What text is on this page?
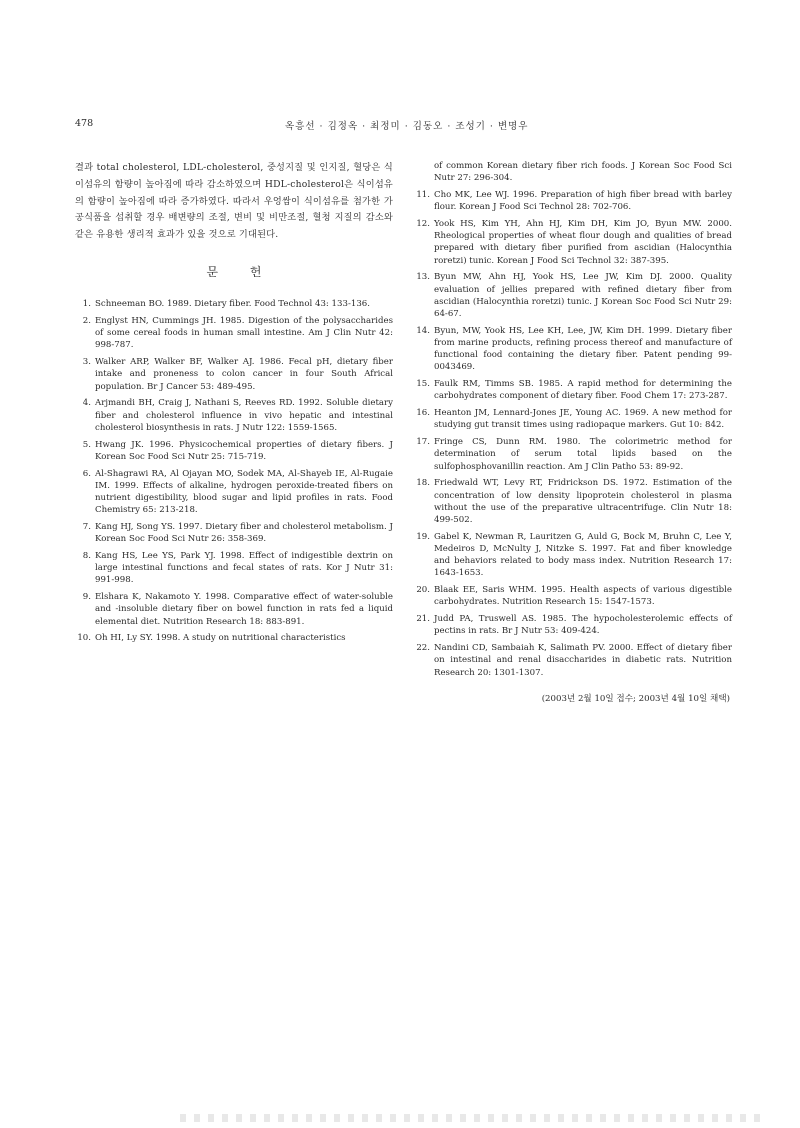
478	옥흥선 · 김정옥 · 최정미 · 김동오 · 조성기 · 변명우

결과 total cholesterol, LDL-cholesterol, 중성지질 및 인지질, 혈당은 식이섬유의 함량이 높아짐에 따라 감소하였으며 HDL-cholesterol은 식이섬유의 함량이 높아짐에 따라 증가하였다. 따라서 우엉쌈이 식이섬유를 첨가한 가공식품을 섭취할 경우 배변량의 조절, 변비 및 비만조절, 혈청 지질의 감소와 같은 유용한 생리적 효과가 있을 것으로 기대된다.

문 헌
1. Schneeman BO. 1989. Dietary fiber. Food Technol 43: 133-136.
2. Englyst HN, Cummings JH. 1985. Digestion of the polysaccharides of some cereal foods in human small intestine. Am J Clin Nutr 42: 998-787.
3. Walker ARP, Walker BF, Walker AJ. 1986. Fecal pH, dietary fiber intake and proneness to colon cancer in four South Africal population. Br J Cancer 53: 489-495.
4. Arjmandi BH, Craig J, Nathani S, Reeves RD. 1992. Soluble dietary fiber and cholesterol influence in vivo hepatic and intestinal cholesterol biosynthesis in rats. J Nutr 122: 1559-1565.
5. Hwang JK. 1996. Physicochemical properties of dietary fibers. J Korean Soc Food Sci Nutr 25: 715-719.
6. Al-Shagrawi RA, Al Ojayan MO, Sodek MA, Al-Shayeb IE, Al-Rugaie IM. 1999. Effects of alkaline, hydrogen peroxide-treated fibers on nutrient digestibility, blood sugar and lipid profiles in rats. Food Chemistry 65: 213-218.
7. Kang HJ, Song YS. 1997. Dietary fiber and cholesterol metabolism. J Korean Soc Food Sci Nutr 26: 358-369.
8. Kang HS, Lee YS, Park YJ. 1998. Effect of indigestible dextrin on large intestinal functions and fecal states of rats. Kor J Nutr 31: 991-998.
9. Elshara K, Nakamoto Y. 1998. Comparative effect of water-soluble and -insoluble dietary fiber on bowel function in rats fed a liquid elemental diet. Nutrition Research 18: 883-891.
10. Oh HI, Ly SY. 1998. A study on nutritional characteristics
of common Korean dietary fiber rich foods. J Korean Soc Food Sci Nutr 27: 296-304.
11. Cho MK, Lee WJ. 1996. Preparation of high fiber bread with barley flour. Korean J Food Sci Technol 28: 702-706.
12. Yook HS, Kim YH, Ahn HJ, Kim DH, Kim JO, Byun MW. 2000. Rheological properties of wheat flour dough and qualities of bread prepared with dietary fiber purified from ascidian (Halocynthia roretzi) tunic. Korean J Food Sci Technol 32: 387-395.
13. Byun MW, Ahn HJ, Yook HS, Lee JW, Kim DJ. 2000. Quality evaluation of jellies prepared with refined dietary fiber from ascidian (Halocynthia roretzi) tunic. J Korean Soc Food Sci Nutr 29: 64-67.
14. Byun, MW, Yook HS, Lee KH, Lee, JW, Kim DH. 1999. Dietary fiber from marine products, refining process thereof and manufacture of functional food containing the dietary fiber. Patent pending 99-0043469.
15. Faulk RM, Timms SB. 1985. A rapid method for determining the carbohydrates component of dietary fiber. Food Chem 17: 273-287.
16. Heanton JM, Lennard-Jones JE, Young AC. 1969. A new method for studying gut transit times using radiopaque markers. Gut 10: 842.
17. Fringe CS, Dunn RM. 1980. The colorimetric method for determination of serum total lipids based on the sulfophosphovanillin reaction. Am J Clin Patho 53: 89-92.
18. Friedwald WT, Levy RT, Fridrickson DS. 1972. Estimation of the concentration of low density lipoprotein cholesterol in plasma without the use of the preparative ultracentrifuge. Clin Nutr 18: 499-502.
19. Gabel K, Newman R, Lauritzen G, Auld G, Bock M, Bruhn C, Lee Y, Medeiros D, McNulty J, Nitzke S. 1997. Fat and fiber knowledge and behaviors related to body mass index. Nutrition Research 17: 1643-1653.
20. Blaak EE, Saris WHM. 1995. Health aspects of various digestible carbohydrates. Nutrition Research 15: 1547-1573.
21. Judd PA, Truswell AS. 1985. The hypocholesterolemic effects of pectins in rats. Br J Nutr 53: 409-424.
22. Nandini CD, Sambaiah K, Salimath PV. 2000. Effect of dietary fiber on intestinal and renal disaccharides in diabetic rats. Nutrition Research 20: 1301-1307.
(2003년 2월 10일 접수; 2003년 4월 10일 채택)
